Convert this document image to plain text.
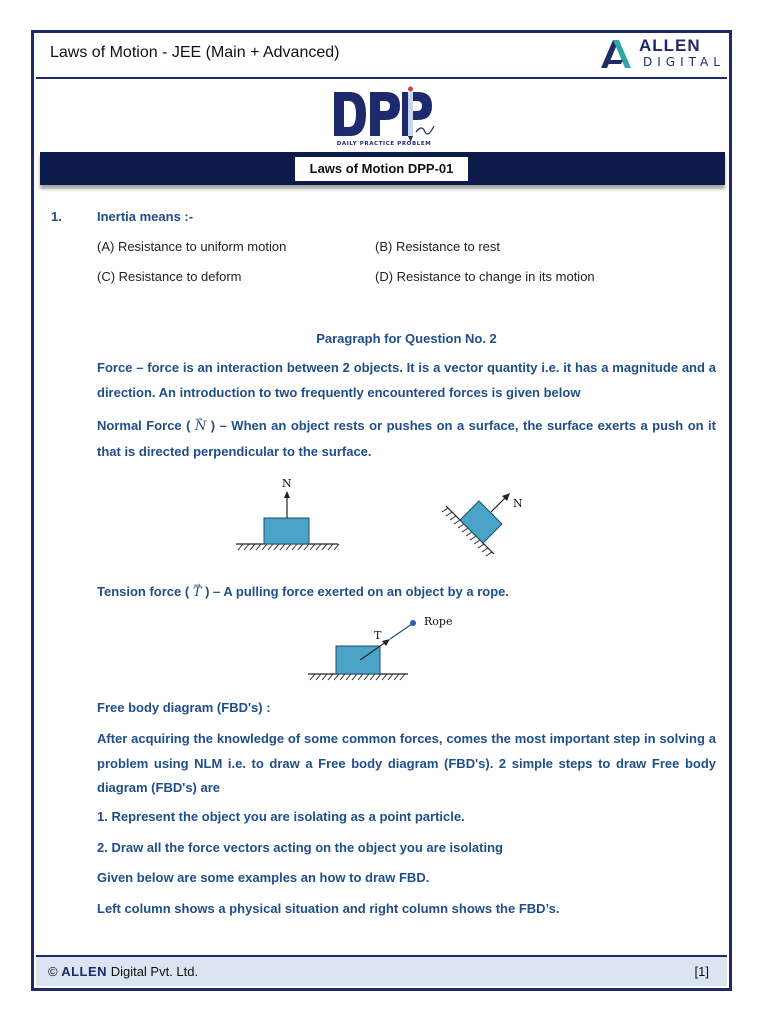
Laws of Motion - JEE (Main + Advanced)	ALLEN
DIGITAL
DAILY PRACTICE PROBLEM
Laws of Motion DPP-01
1.	Inertia means :-
(A) Resistance to uniform motion	(B) Resistance to rest
(C) Resistance to deform	(D) Resistance to change in its motion
Paragraph for Question No. 2
Force – force is an interaction between 2 objects. It is a vector quantity i.e. it has a magnitude and a direction. An introduction to two frequently encountered forces is given below
Normal Force ( → N ) – When an object rests or pushes on a surface, the surface exerts a push on it that is directed perpendicular to the surface.
N
N
Tension force ( → T ) – A pulling force exerted on an object by a rope.
T
Rope
Free body diagram (FBD's) :
After acquiring the knowledge of some common forces, comes the most important step in solving a problem using NLM i.e. to draw a Free body diagram (FBD's). 2 simple steps to draw Free body diagram (FBD's) are
1. Represent the object you are isolating as a point particle.
2. Draw all the force vectors acting on the object you are isolating
Given below are some examples an how to draw FBD.
Left column shows a physical situation and right column shows the FBD’s.
© ALLEN Digital Pvt. Ltd.	[1]
